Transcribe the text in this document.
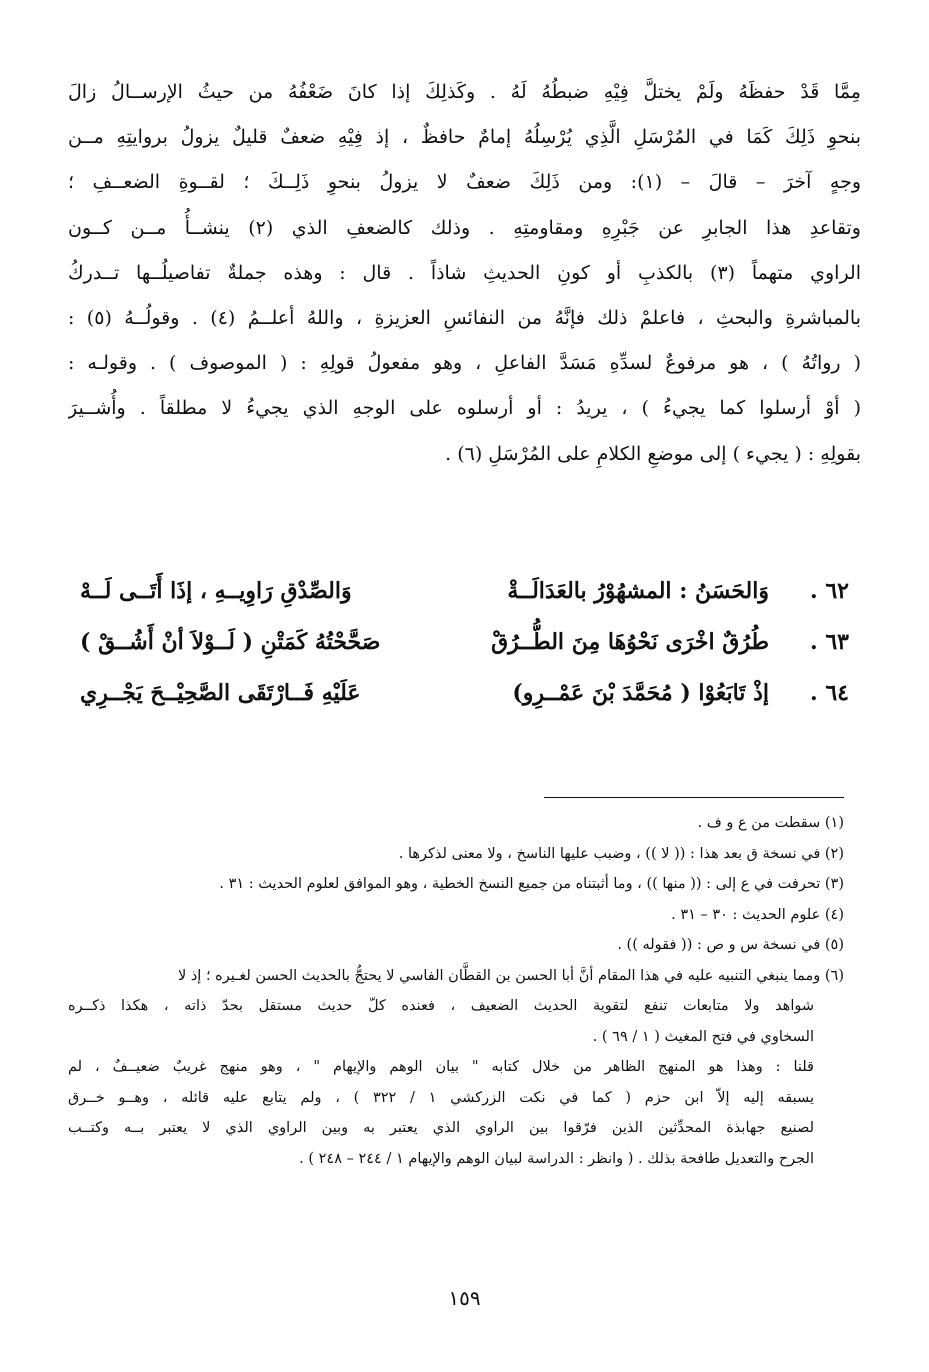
مِمَّا قَدْ حفظَهُ ولَمْ يختلَّ فِيْهِ ضبطُهُ لَهُ . وكَذلِكَ إذا كانَ ضَعْفُهُ من حيثُ الإرســالُ زالَ
بنحوِ ذَلِكَ كَمَا في المُرْسَلِ الَّذِي يُرْسِلُهُ إمامٌ حافظٌ ، إذ فِيْهِ ضعفٌ قليلٌ يزولُ بروايتِهِ مــن
وجهٍ آخرَ – قالَ – (١): ومن ذَلِكَ ضعفٌ لا يزولُ بنحوِ ذَلِــكَ ؛ لقــوةِ الضعــفِ ؛
وتقاعدِ هذا الجابرِ عن جَبْرِهِ ومقاومتِهِ . وذلك كالضعفِ الذي (٢) ينشــأُ مــن كــون
الراوي متهماً (٣) بالكذبِ أو كونِ الحديثِ شاذاً . قال : وهذه جملةٌ تفاصيلُــها تــدركُ
بالمباشرةِ والبحثِ ، فاعلمْ ذلك فإنَّهُ من النفائسِ العزيزةِ ، واللهُ أعلــمُ (٤) . وقولُــهُ (٥) :
( رواتُهُ ) ، هو مرفوعٌ لسدِّهِ مَسَدَّ الفاعلِ ، وهو مفعولُ قولِهِ : ( الموصوف ) . وقولـه :
( أوْ أرسلوا كما يجيءُ ) ، يريدُ : أو أرسلوه على الوجهِ الذي يجيءُ لا مطلقاً . وأُشــيرَ
بقولِهِ : ( يجيء ) إلى موضعِ الكلامِ على المُرْسَلِ (٦) .
٦٢ .
وَالحَسَنُ : المشهُوْرُ بالعَدَالَــةْ
وَالصِّدْقِ رَاوِيــهِ ، إذَا أَتَــى لَــهْ
٦٣ .
طُرُقٌ اخْرَى نَحْوُهَا مِنَ الطُّــرُقْ
صَحَّحْتُهُ كَمَتْنِ ( لَــوْلاَ أنْ أَشُــقْ )
٦٤ .
إذْ تَابَعُوْا ( مُحَمَّدَ بْنَ عَمْــرِو)
عَلَيْهِ فَــارْتَقَى الصَّحِيْــحَ يَجْــرِي
(١) سقطت من ع و ف .
(٢) في نسخة ق بعد هذا : (( لا )) ، وضبب عليها الناسخ ، ولا معنى لذكرها .
(٣) تحرفت في ع إلى : (( منها )) ، وما أثبتناه من جميع النسخ الخطية ، وهو الموافق لعلوم الحديث : ٣١ .
(٤) علوم الحديث : ٣٠ – ٣١ .
(٥) في نسخة س و ص : (( فقوله )) .
(٦) ومما ينبغي التنبيه عليه في هذا المقام أنَّ أبا الحسن بن القطَّان الفاسي لا يحتجُّ بالحديث الحسن لغـيره ؛ إذ لا
شواهد ولا متابعات تنفع لتقوية الحديث الضعيف ، فعنده كلّ حديث مستقل بحدّ ذاته ، هكذا ذكــره
السخاوي في فتح المغيث ( ١ / ٦٩ ) .
قلنا : وهذا هو المنهج الظاهر من خلال كتابه " بيان الوهم والإيهام " ، وهو منهج غريبٌ ضعيــفٌ ، لم
يسبقه إليه إلاّ ابن حزم ( كما في نكت الزركشي ١ / ٣٢٢ ) ، ولم يتابع عليه قائله ، وهــو خــرق
لصنيع جهابذة المحدِّثين الذين فرّقوا بين الراوي الذي يعتبر به وبين الراوي الذي لا يعتبر بــه وكتــب
الجرح والتعديل طافحة بذلك . ( وانظر : الدراسة لبيان الوهم والإيهام ١ / ٢٤٤ – ٢٤٨ ) .
١٥٩
